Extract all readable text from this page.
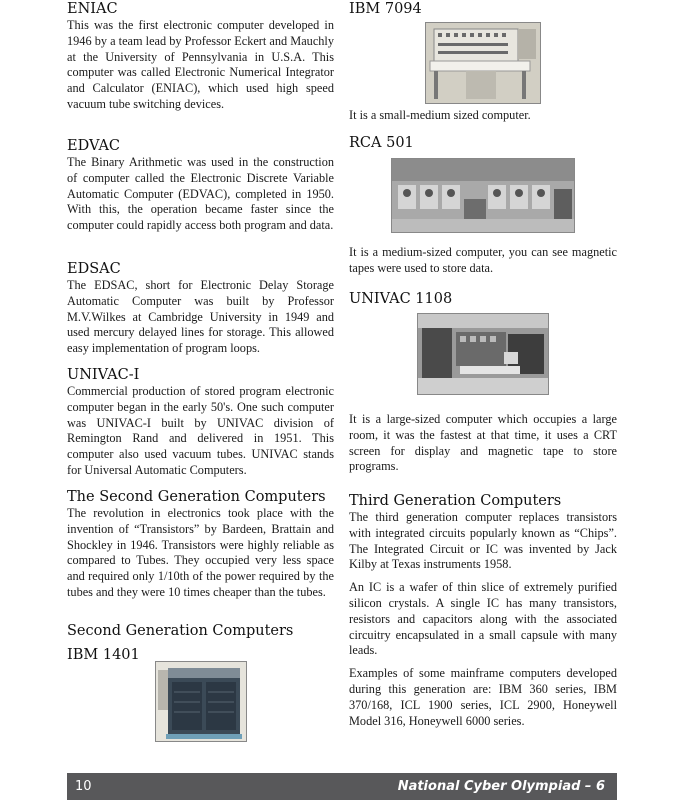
ENIAC

This was the first electronic computer developed in 1946 by a team lead by Professor Eckert and Mauchly at the University of Pennsylvania in U.S.A. This computer was called Electronic Numerical Integrator and Calculator (ENIAC), which used high speed vacuum tube switching devices.

EDVAC

The Binary Arithmetic was used in the construction of computer called the Electronic Discrete Variable Automatic Computer (EDVAC), completed in 1950. With this, the operation became faster since the computer could rapidly access both program and data.

EDSAC

The EDSAC, short for Electronic Delay Storage Automatic Computer was built by Professor M.V.Wilkes at Cambridge University in 1949 and used mercury delayed lines for storage. This allowed easy implementation of program loops.

UNIVAC-I

Commercial production of stored program electronic computer began in the early 50's. One such computer was UNIVAC-I built by UNIVAC division of Remington Rand and delivered in 1951. This computer also used vacuum tubes. UNIVAC stands for Universal Automatic Computers.

The Second Generation Computers

The revolution in electronics took place with the invention of “Transistors” by Bardeen, Brattain and Shockley in 1946. Transistors were highly reliable as compared to Tubes. They occupied very less space and required only 1/10th of the power required by the tubes and they were 10 times cheaper than the tubes.

Second Generation Computers
IBM 1401
IBM 7094

It is a small-medium sized computer.

RCA 501

It is a medium-sized computer, you can see magnetic tapes were used to store data.

UNIVAC 1108

It is a large-sized computer which occupies a large room, it was the fastest at that time, it uses a CRT screen for display and magnetic tape to store programs.

Third Generation Computers

The third generation computer replaces transistors with integrated circuits popularly known as “Chips”. The Integrated Circuit or IC was invented by Jack Kilby at Texas instruments 1958.

An IC is a wafer of thin slice of extremely purified silicon crystals. A single IC has many transistors, resistors and capacitors along with the associated circuitry encapsulated in a small capsule with many leads.

Examples of some mainframe computers developed during this generation are: IBM 360 series, IBM 370/168, ICL 1900 series, ICL 2900, Honeywell Model 316, Honeywell 6000 series.

10	National Cyber Olympiad – 6
